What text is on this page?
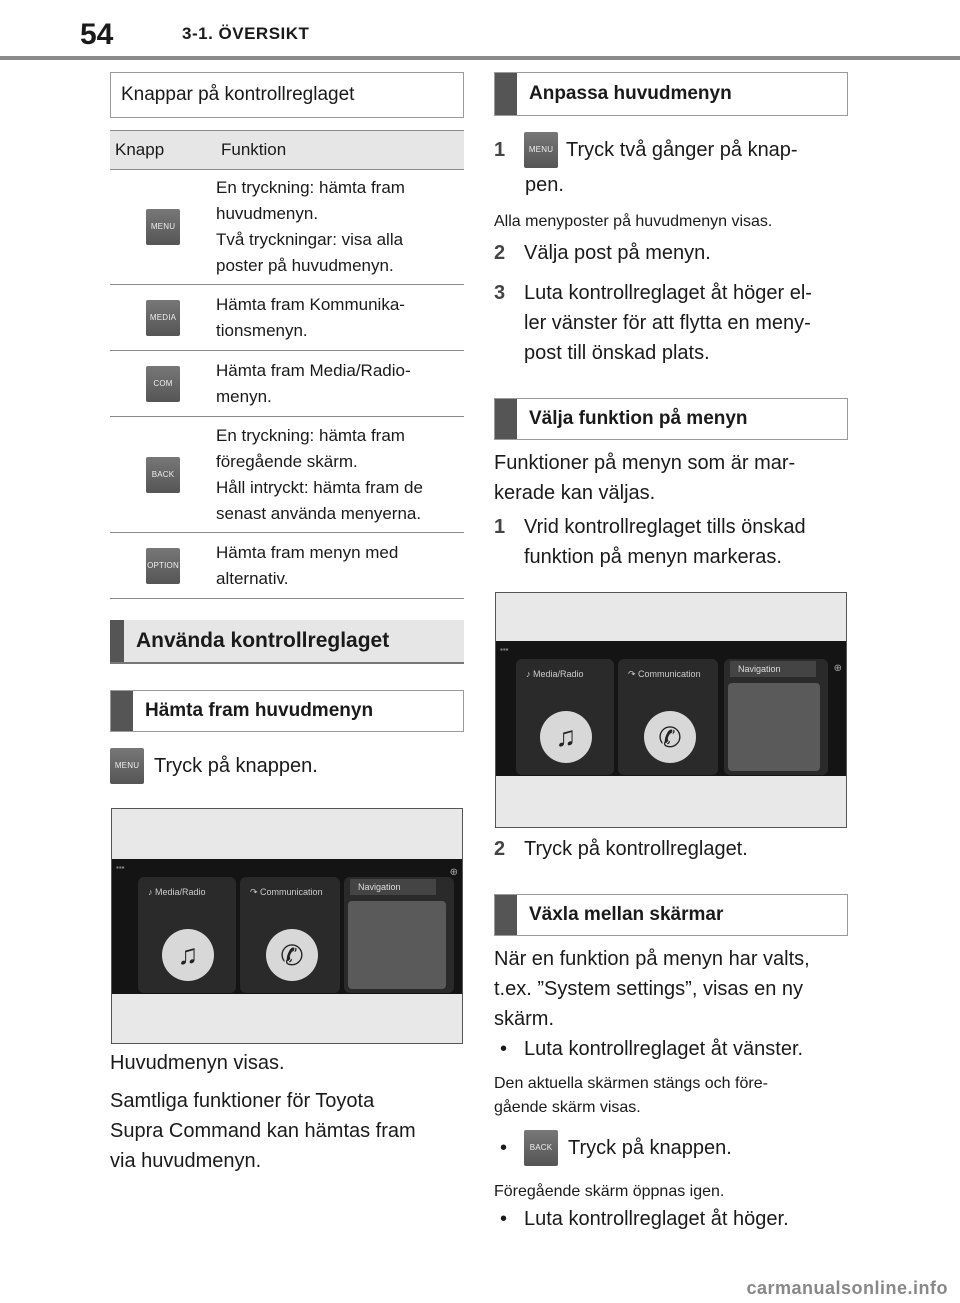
54	3-1. ÖVERSIKT
Knappar på kontrollreglaget
Knapp	Funktion
MENU	En tryckning: hämta fram
huvudmenyn.
Två tryckningar: visa alla
poster på huvudmenyn.

MEDIA	Hämta fram Kommunika-
tionsmenyn.

COM	Hämta fram Media/Radio-
menyn.

BACK	En tryckning: hämta fram
föregående skärm.
Håll intryckt: hämta fram de
senast använda menyerna.

OPTION	Hämta fram menyn med
alternativ.
Använda kontrollreglaget
Hämta fram huvudmenyn
MENU Tryck på knappen.
▪▪▪
♪ Media/Radio
♫
↷ Communication
✆
Navigation
⊕
Huvudmenyn visas.
Samtliga funktioner för Toyota
Supra Command kan hämtas fram
via huvudmenyn.
Anpassa huvudmenyn
1	MENU Tryck två gånger på knap-
pen.
Alla menyposter på huvudmenyn visas.
2 Välja post på menyn.
3 Luta kontrollreglaget åt höger el-
ler vänster för att flytta en meny-
post till önskad plats.
Välja funktion på menyn
Funktioner på menyn som är mar-
kerade kan väljas.
1 Vrid kontrollreglaget tills önskad
funktion på menyn markeras.
▪▪▪
♪ Media/Radio
♫
↷ Communication
✆
Navigation	⊕
2 Tryck på kontrollreglaget.
Växla mellan skärmar
När en funktion på menyn har valts,
t.ex. ”System settings”, visas en ny
skärm.
• Luta kontrollreglaget åt vänster.
Den aktuella skärmen stängs och före-
gående skärm visas.
•	BACK Tryck på knappen.
Föregående skärm öppnas igen.
• Luta kontrollreglaget åt höger.
carmanualsonline.info
